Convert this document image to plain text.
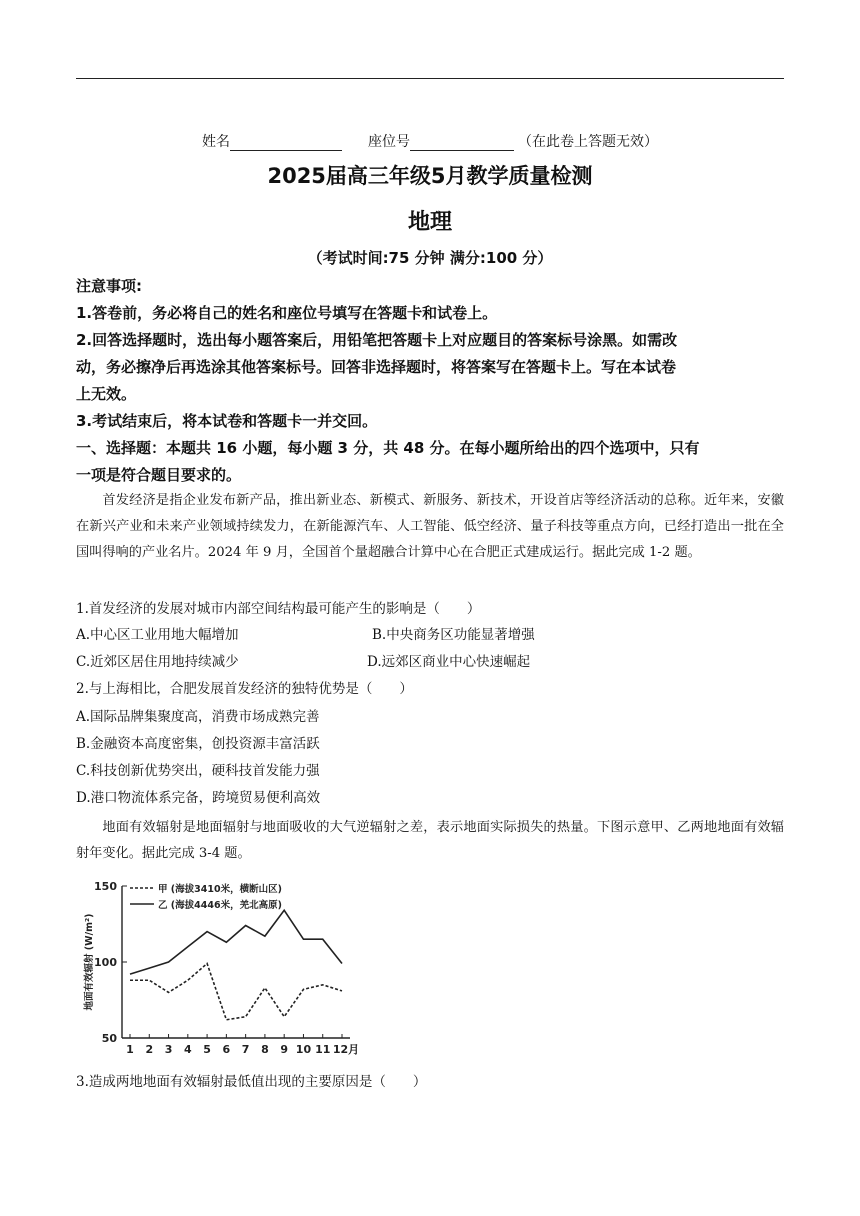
姓名	座位号	（在此卷上答题无效）
2025届高三年级5月教学质量检测
地理
（考试时间:75 分钟 满分:100 分）
注意事项:
1.答卷前，务必将自己的姓名和座位号填写在答题卡和试卷上。
2.回答选择题时，选出每小题答案后，用铅笔把答题卡上对应题目的答案标号涂黑。如需改
动，务必擦净后再选涂其他答案标号。回答非选择题时，将答案写在答题卡上。写在本试卷
上无效。
3.考试结束后，将本试卷和答题卡一并交回。
一、选择题：本题共 16 小题，每小题 3 分，共 48 分。在每小题所给出的四个选项中，只有
一项是符合题目要求的。
首发经济是指企业发布新产品，推出新业态、新模式、新服务、新技术，开设首店等经济活动的总称。近年来，安徽在新兴产业和未来产业领域持续发力，在新能源汽车、人工智能、低空经济、量子科技等重点方向，已经打造出一批在全国叫得响的产业名片。2024 年 9 月，全国首个量超融合计算中心在合肥正式建成运行。据此完成 1-2 题。
1.首发经济的发展对城市内部空间结构最可能产生的影响是（　　）
A.中心区工业用地大幅增加	B.中央商务区功能显著增强
C.近郊区居住用地持续减少	D.远郊区商业中心快速崛起
2.与上海相比，合肥发展首发经济的独特优势是（　　）
A.国际品牌集聚度高，消费市场成熟完善
B.金融资本高度密集，创投资源丰富活跃
C.科技创新优势突出，硬科技首发能力强
D.港口物流体系完备，跨境贸易便利高效
地面有效辐射是地面辐射与地面吸收的大气逆辐射之差，表示地面实际损失的热量。下图示意甲、乙两地地面有效辐射年变化。据此完成 3-4 题。
50
100
150
1 2 3 4 5 6 7 8 9 10 11 12月
地面有效辐射 (W/m²)
甲 (海拔3410米，横断山区)
乙 (海拔4446米，羌北高原)
3.造成两地地面有效辐射最低值出现的主要原因是（　　）
